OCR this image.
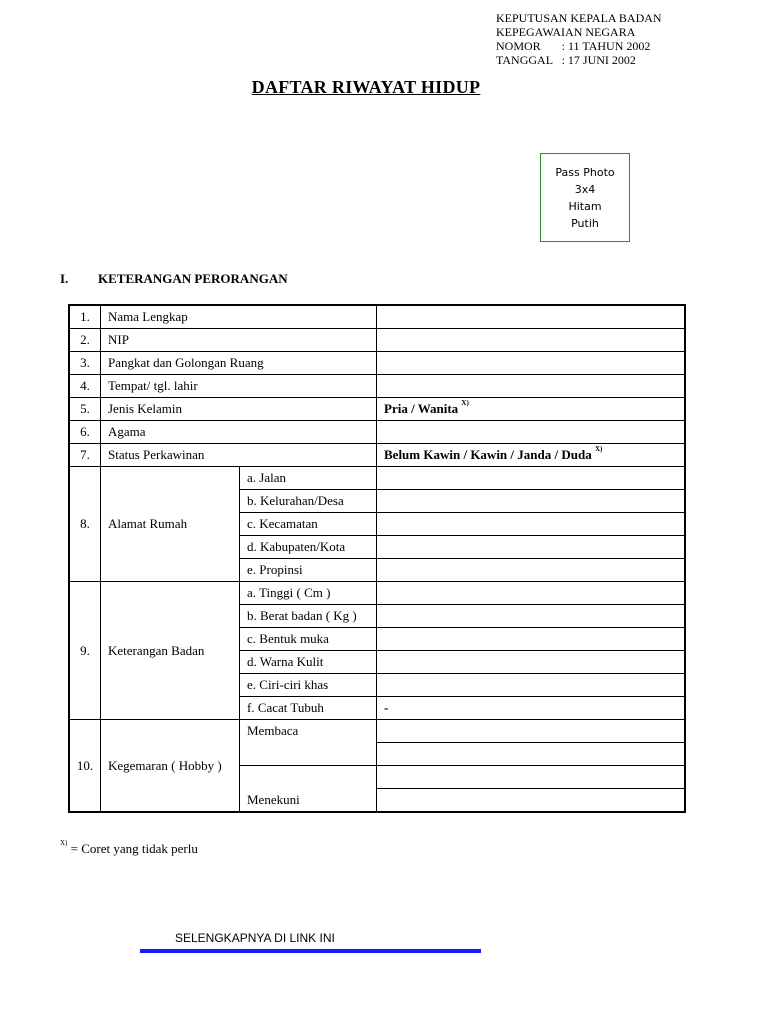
KEPUTUSAN KEPALA BADAN
KEPEGAWAIAN NEGARA
NOMOR       : 11 TAHUN 2002
TANGGAL   : 17 JUNI 2002
DAFTAR RIWAYAT HIDUP
Pass Photo
3x4
Hitam
Putih
I. KETERANGAN PERORANGAN
1.	Nama Lengkap		
2.	NIP		
3.	Pangkat dan Golongan Ruang		
4.	Tempat/ tgl. lahir		
5.	Jenis Kelamin		Pria / Wanita $^{X)}$
6.	Agama		
7.	Status Perkawinan		Belum Kawin / Kawin / Janda / Duda $^{X)}$
8.	Alamat Rumah	a. Jalan	
		b. Kelurahan/Desa	
		c. Kecamatan	
		d. Kabupaten/Kota	
		e. Propinsi	
9.	Keterangan Badan	a. Tinggi ( Cm )	
		b. Berat badan ( Kg )	
		c. Bentuk muka	
		d. Warna Kulit	
		e. Ciri-ciri khas	
		f. Cacat Tubuh	-
10.	Kegemaran ( Hobby )	Membaca	

		Menekuni	

$^{X)}$ = Coret yang tidak perlu
SELENGKAPNYA DI LINK INI
